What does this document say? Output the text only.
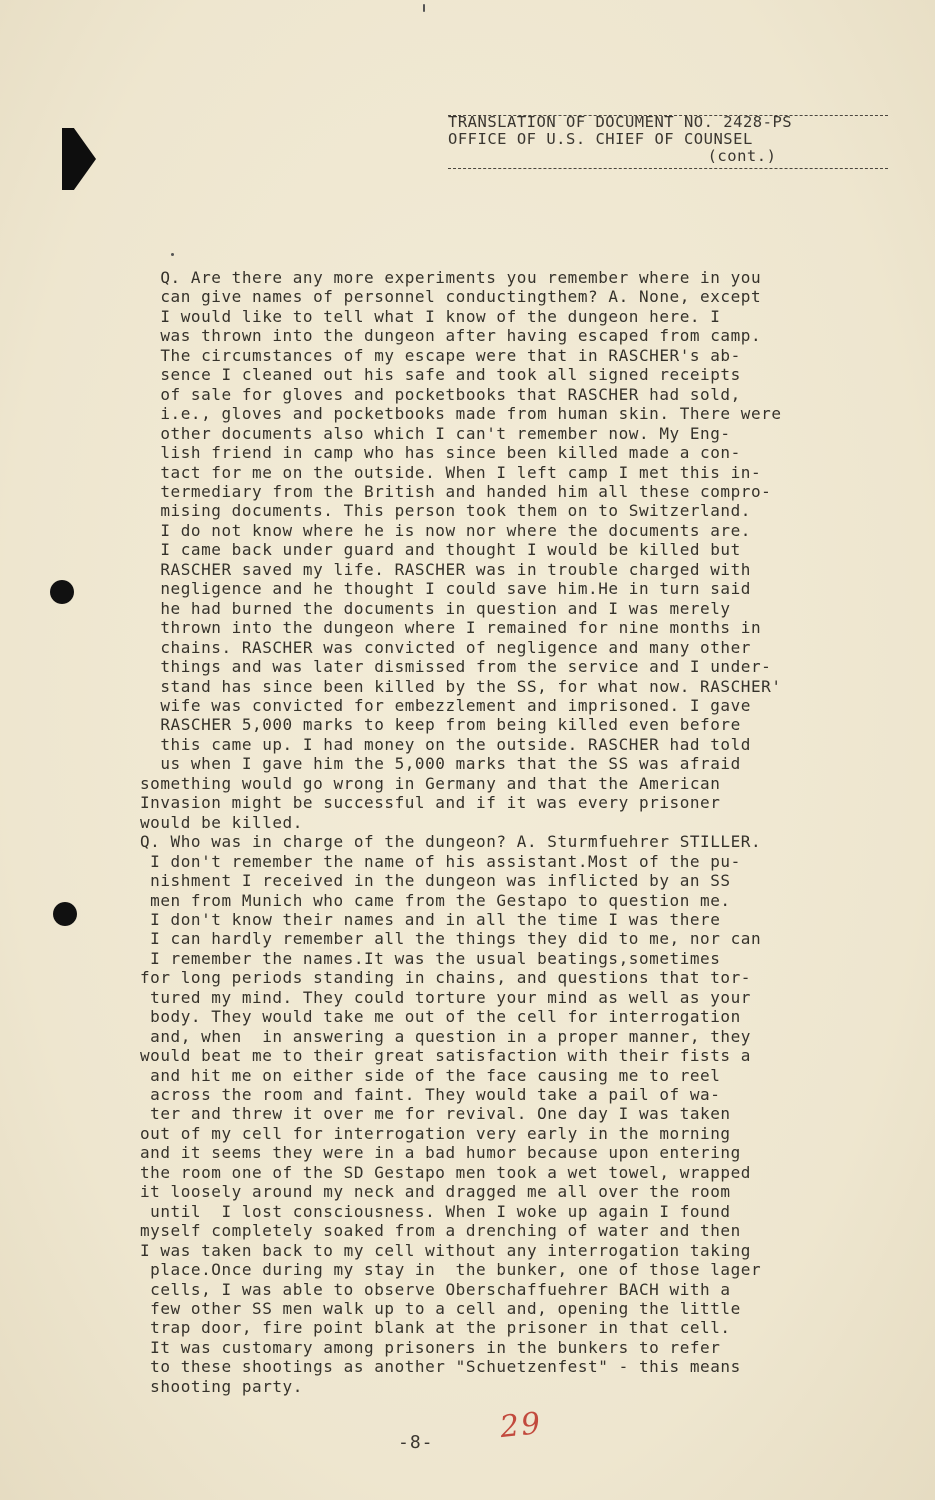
TRANSLATION OF DOCUMENT NO. 2428-PS
OFFICE OF U.S. CHIEF OF COUNSEL
(cont.)
Q. Are there any more experiments you remember where in you
can give names of personnel conductingthem? A. None, except
I would like to tell what I know of the dungeon here. I
was thrown into the dungeon after having escaped from camp.
The circumstances of my escape were that in RASCHER's ab-
sence I cleaned out his safe and took all signed receipts
of sale for gloves and pocketbooks that RASCHER had sold,
i.e., gloves and pocketbooks made from human skin. There were
other documents also which I can't remember now. My Eng-
lish friend in camp who has since been killed made a con-
tact for me on the outside. When I left camp I met this in-
termediary from the British and handed him all these compro-
mising documents. This person took them on to Switzerland.
I do not know where he is now nor where the documents are.
I came back under guard and thought I would be killed but
RASCHER saved my life. RASCHER was in trouble charged with
negligence and he thought I could save him.He in turn said
he had burned the documents in question and I was merely
thrown into the dungeon where I remained for nine months in
chains. RASCHER was convicted of negligence and many other
things and was later dismissed from the service and I under-
stand has since been killed by the SS, for what now. RASCHER'
wife was convicted for embezzlement and imprisoned. I gave
RASCHER 5,000 marks to keep from being killed even before
this came up. I had money on the outside. RASCHER had told
us when I gave him the 5,000 marks that the SS was afraid
something would go wrong in Germany and that the American
Invasion might be successful and if it was every prisoner
would be killed.
Q. Who was in charge of the dungeon? A. Sturmfuehrer STILLER.
I don't remember the name of his assistant.Most of the pu-
nishment I received in the dungeon was inflicted by an SS
men from Munich who came from the Gestapo to question me.
I don't know their names and in all the time I was there
I can hardly remember all the things they did to me, nor can
I remember the names.It was the usual beatings,sometimes
for long periods standing in chains, and questions that tor-
tured my mind. They could torture your mind as well as your
body. They would take me out of the cell for interrogation
and, when  in answering a question in a proper manner, they
would beat me to their great satisfaction with their fists a
and hit me on either side of the face causing me to reel
across the room and faint. They would take a pail of wa-
ter and threw it over me for revival. One day I was taken
out of my cell for interrogation very early in the morning
and it seems they were in a bad humor because upon entering
the room one of the SD Gestapo men took a wet towel, wrapped
it loosely around my neck and dragged me all over the room
until  I lost consciousness. When I woke up again I found
myself completely soaked from a drenching of water and then
I was taken back to my cell without any interrogation taking
place.Once during my stay in  the bunker, one of those lager
cells, I was able to observe Oberschaffuehrer BACH with a
few other SS men walk up to a cell and, opening the little
trap door, fire point blank at the prisoner in that cell.
It was customary among prisoners in the bunkers to refer
to these shootings as another "Schuetzenfest" - this means
shooting party.
-8- 29
